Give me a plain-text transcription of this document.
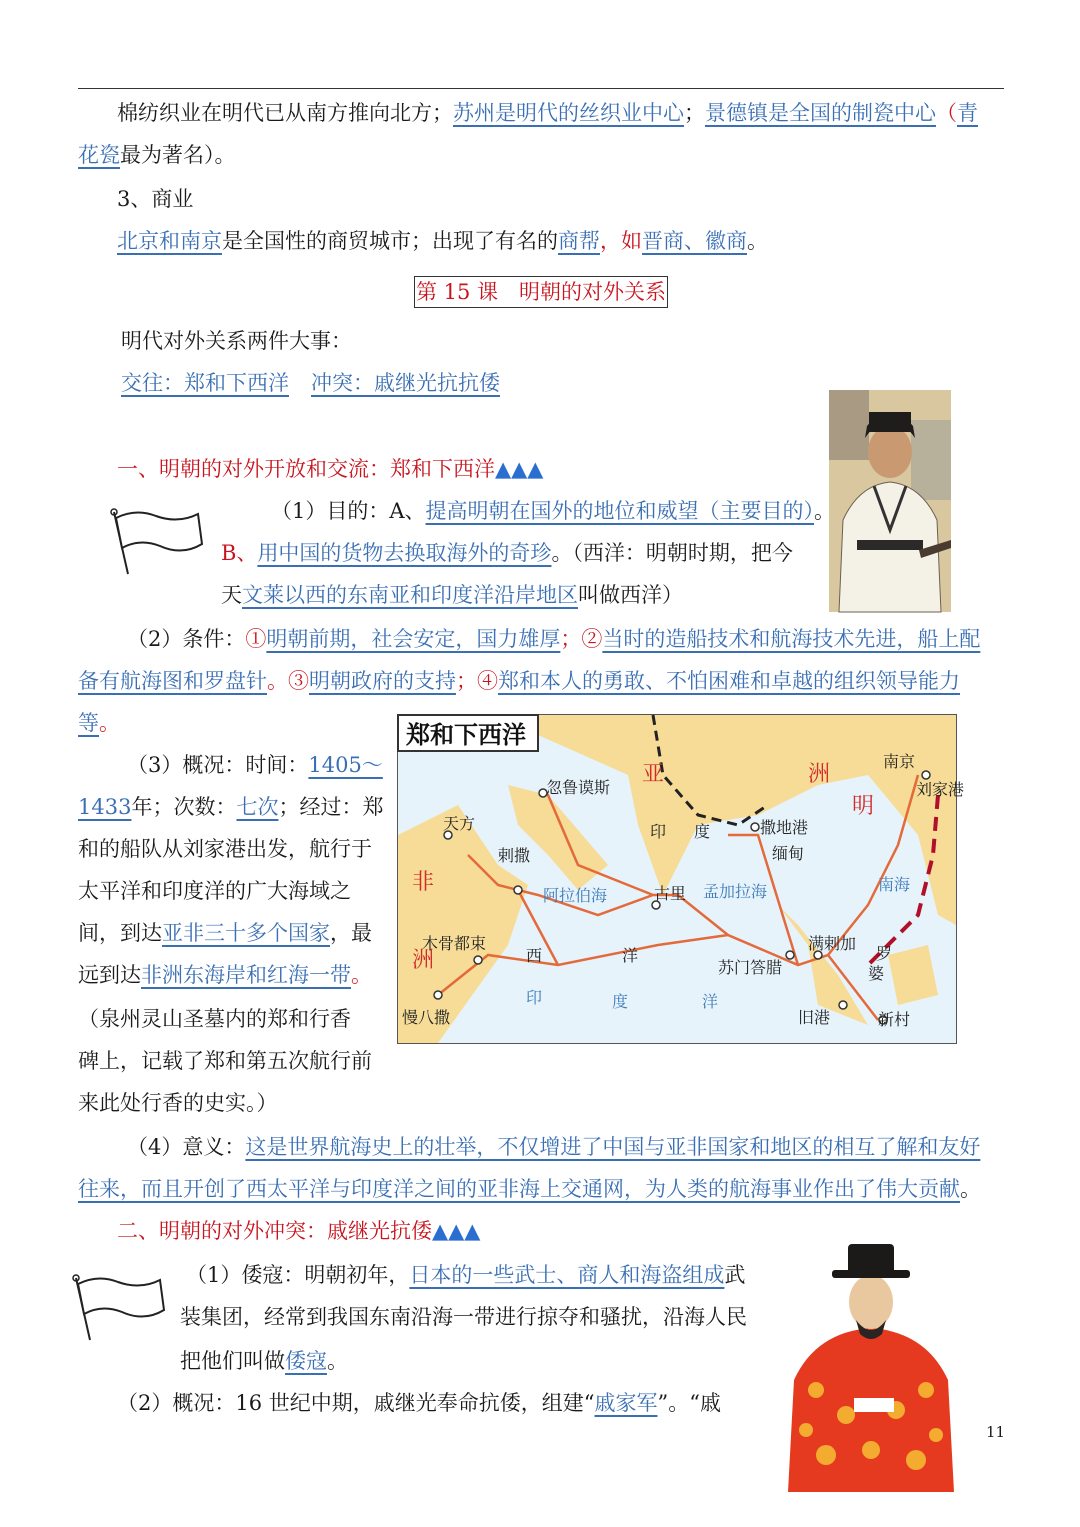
棉纺织业在明代已从南方推向北方；苏州是明代的丝织业中心；景德镇是全国的制瓷中心（青

花瓷最为著名）。

3、商业

北京和南京是全国性的商贸城市；出现了有名的商帮，如晋商、徽商。

第 15 课　明朝的对外关系

明代对外关系两件大事：

交往：郑和下西洋 冲突：戚继光抗抗倭

一、明朝的对外开放和交流：郑和下西洋▲▲▲

（1）目的：A、提高明朝在国外的地位和威望（主要目的）。

B、用中国的货物去换取海外的奇珍。（西洋：明朝时期，把今

天文莱以西的东南亚和印度洋沿岸地区叫做西洋）

（2）条件：①明朝前期，社会安定，国力雄厚；②当时的造船技术和航海技术先进，船上配

备有航海图和罗盘针。③明朝政府的支持；④郑和本人的勇敢、不怕困难和卓越的组织领导能力

等。	郑和下西洋
南京
刘家港
忽鲁谟斯
天方
剌撒
木骨都束
慢八撒
撒地港
缅甸
古里
苏门答腊
满剌加
旧港	新村
阿拉伯海	孟加拉海	南海
亚	洲
非
洲
明
印 度
西	洋
印	度	洋
罗
婆

（3）概况：时间：1405～

1433年；次数：七次；经过：郑

和的船队从刘家港出发，航行于

太平洋和印度洋的广大海域之

间，到达亚非三十多个国家，最

远到达非洲东海岸和红海一带。

（泉州灵山圣墓内的郑和行香

碑上，记载了郑和第五次航行前

来此处行香的史实。）

（4）意义：这是世界航海史上的壮举，不仅增进了中国与亚非国家和地区的相互了解和友好

往来，而且开创了西太平洋与印度洋之间的亚非海上交通网，为人类的航海事业作出了伟大贡献。

二、明朝的对外冲突：戚继光抗倭▲▲▲

（1）倭寇：明朝初年，日本的一些武士、商人和海盗组成武

装集团，经常到我国东南沿海一带进行掠夺和骚扰，沿海人民

把他们叫做倭寇。

（2）概况：16 世纪中期，戚继光奉命抗倭，组建“戚家军”。“戚

11
